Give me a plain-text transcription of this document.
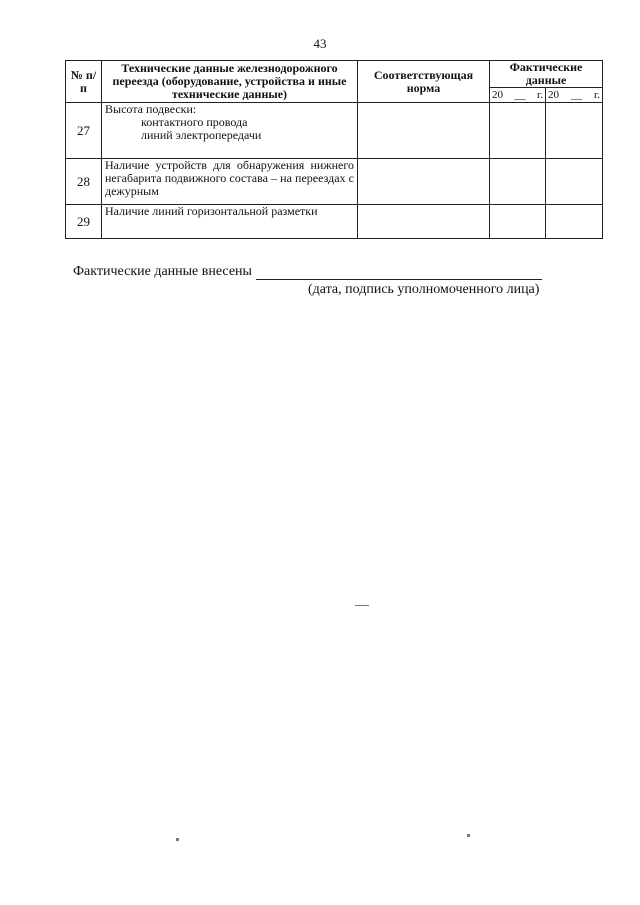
43
№ п/п	Технические данные железнодорожного переезда (оборудование, устройства и иные технические данные)	Соответствующая норма	Фактические данные	

			20 __ г.	20 __ г.

27	Высота подвески:
контактного провода
линий электропередачи			

28	Наличие устройств для обнаружения нижнего негабарита подвижного состава – на переездах с дежурным			
29	Наличие линий горизонтальной разметки			
Фактические данные внесены
(дата, подпись уполномоченного лица)
